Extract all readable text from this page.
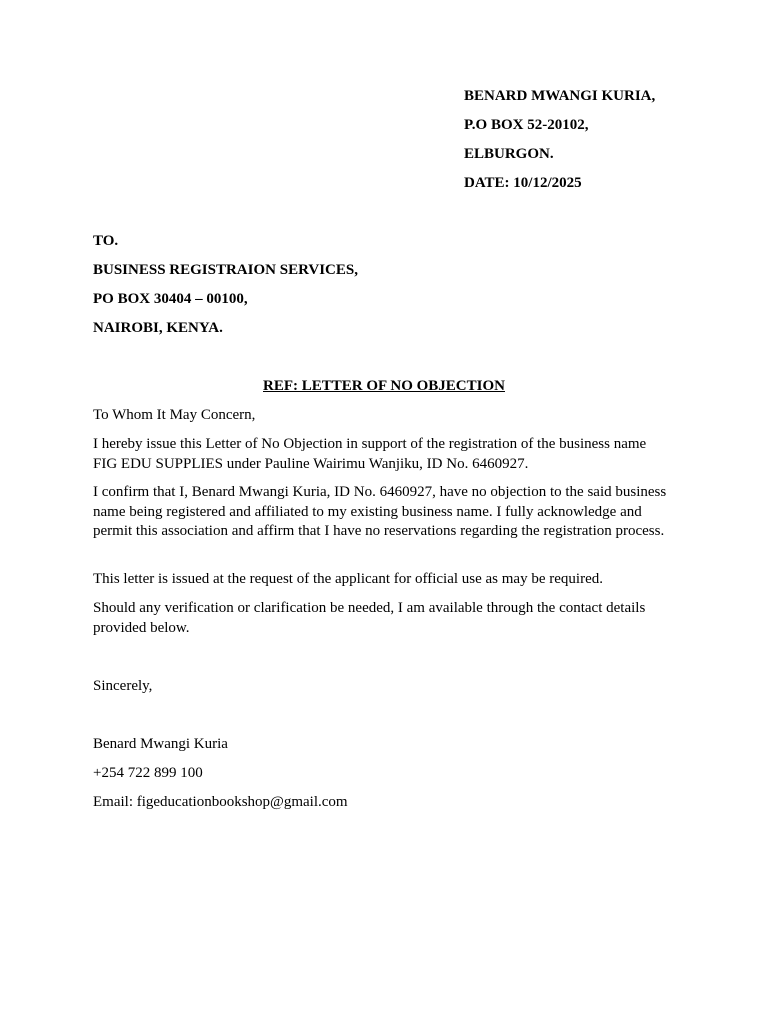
BENARD MWANGI KURIA,
P.O BOX 52-20102,
ELBURGON.
DATE: 10/12/2025
TO.
BUSINESS REGISTRAION SERVICES,
PO BOX 30404 – 00100,
NAIROBI, KENYA.
REF: LETTER OF NO OBJECTION
To Whom It May Concern,

I hereby issue this Letter of No Objection in support of the registration of the business name FIG EDU SUPPLIES under Pauline Wairimu Wanjiku, ID No. 6460927.

I confirm that I, Benard Mwangi Kuria, ID No. 6460927, have no objection to the said business name being registered and affiliated to my existing business name. I fully acknowledge and permit this association and affirm that I have no reservations regarding the registration process.

This letter is issued at the request of the applicant for official use as may be required.

Should any verification or clarification be needed, I am available through the contact details provided below.

Sincerely,
Benard Mwangi Kuria
+254 722 899 100
Email: figeducationbookshop@gmail.com
